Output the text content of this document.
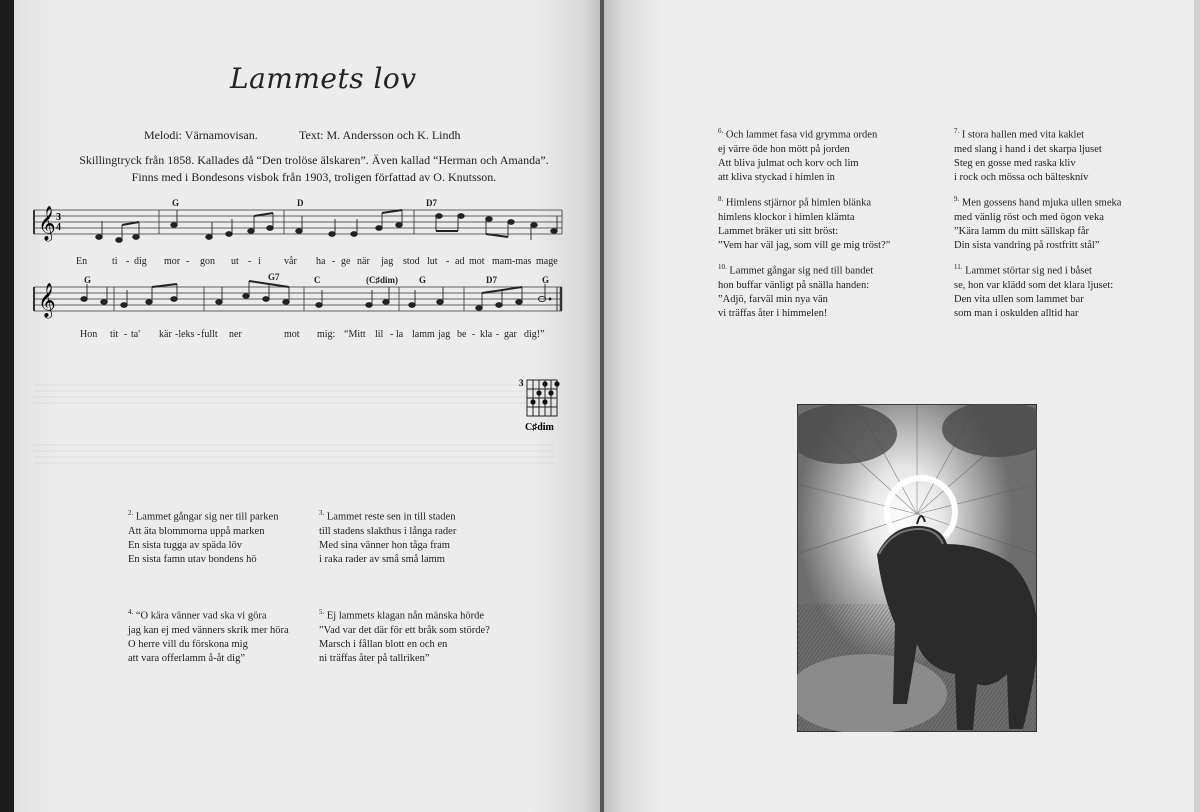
Lammets lov
Melodi: Värnamovisan.	Text: M. Andersson och K. Lindh
Skillingtryck från 1858. Kallades då “Den trolöse älskaren”. Även kallad “Herman och Amanda”.
Finns med i Bondesons visbok från 1903, troligen författad av O. Knutsson.
𝄞 3
4
G	D	D7
En ti - dig mor - gon ut - i vår ha - ge när jag stod lut - ad mot mam-mas mage
𝄞
G	G7	C	(C♯dim) G	D7	G
Hon tit - ta' kär -leks - fullt ner	mot mig: “Mitt lil - la lamm jag be - kla - gar dig!”
3
C♯dim
$^{2.}$ Lammet gångar sig ner till parken
Att äta blommorna uppå marken
En sista tugga av späda löv
En sista famn utav bondens hö
$^{3.}$ Lammet reste sen in till staden
till stadens slakthus i långa rader
Med sina vänner hon tåga fram
i raka rader av små små lamm
$^{4.}$ “O kära vänner vad ska vi göra
jag kan ej med vänners skrik mer höra
O herre vill du förskona mig
att vara offerlamm å-åt dig”
$^{5.}$ Ej lammets klagan nån mänska hörde
”Vad var det där för ett bråk som störde?
Marsch i fållan blott en och en
ni träffas åter på tallriken”
$^{6.}$ Och lammet fasa vid grymma orden
ej värre öde hon mött på jorden
Att bliva julmat och korv och lim
att kliva styckad i himlen in
$^{7.}$ I stora hallen med vita kaklet
med slang i hand i det skarpa ljuset
Steg en gosse med raska kliv
i rock och mössa och bältesknív
$^{8.}$ Himlens stjärnor på himlen blänka
himlens klockor i himlen klämta
Lammet bräker uti sitt bröst:
”Vem har väl jag, som vill ge mig tröst?”
$^{9.}$ Men gossens hand mjuka ullen smeka
med vänlig röst och med ögon veka
”Kära lamm du mitt sällskap får
Din sista vandring på rostfritt stål”
$^{10.}$ Lammet gångar sig ned till bandet
hon buffar vänligt på snälla handen:
”Adjö, farväl min nya vän
vi träffas åter i himmelen!
$^{11.}$ Lammet störtar sig ned i båset
se, hon var klädd som det klara ljuset:
Den vita ullen som lammet bar
som man i oskulden alltid har
